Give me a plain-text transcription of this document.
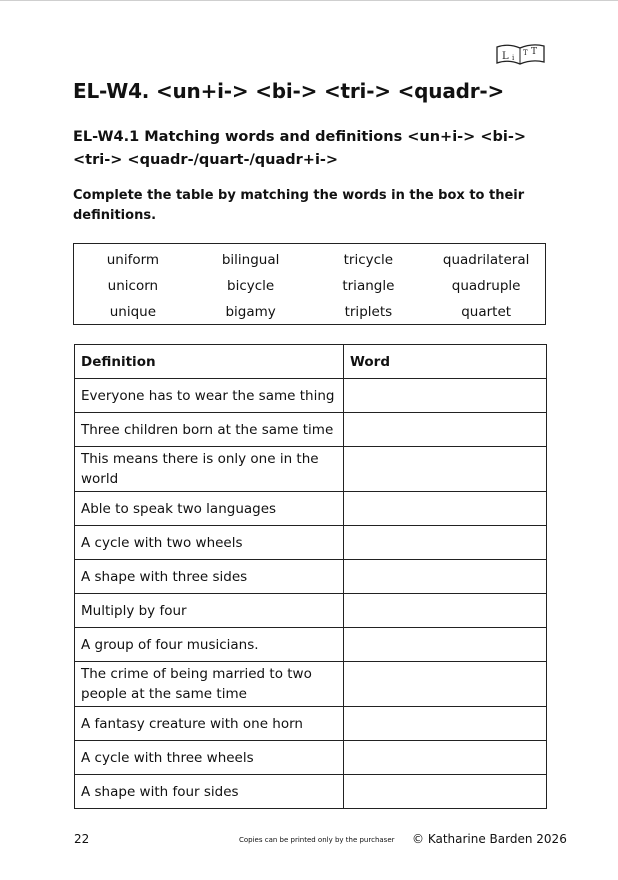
L i
T T
EL-W4. <un+i-> <bi-> <tri-> <quadr->
EL-W4.1 Matching words and definitions <un+i-> <bi-> <tri-> <quadr-/quart-/quadr+i->
Complete the table by matching the words in the box to their definitions.
uniform	bilingual	tricycle	quadrilateral
unicorn	bicycle	triangle	quadruple
unique	bigamy	triplets	quartet
Definition	Word
Everyone has to wear the same thing	
Three children born at the same time	
This means there is only one in the world	
Able to speak two languages	
A cycle with two wheels	
A shape with three sides	
Multiply by four	
A group of four musicians.	
The crime of being married to two people at the same time	
A fantasy creature with one horn	
A cycle with three wheels	
A shape with four sides	
22	Copies can be printed only by the purchaser © Katharine Barden 2026
